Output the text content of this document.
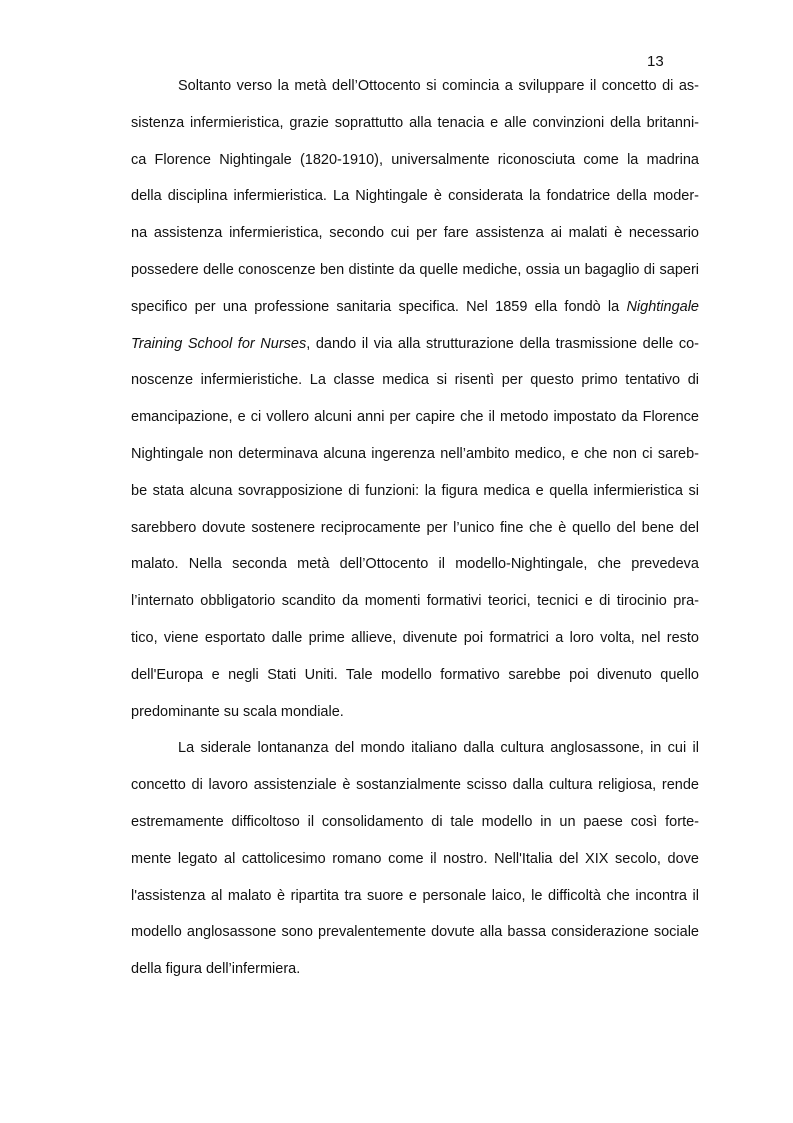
13
Soltanto verso la metà dell’Ottocento si comincia a sviluppare il concetto di as-
sistenza infermieristica, grazie soprattutto alla tenacia e alle convinzioni della britanni-
ca Florence Nightingale (1820-1910), universalmente riconosciuta come la madrina
della disciplina infermieristica. La Nightingale è considerata la fondatrice della moder-
na assistenza infermieristica, secondo cui per fare assistenza ai malati è necessario
possedere delle conoscenze ben distinte da quelle mediche, ossia un bagaglio di saperi
specifico per una professione sanitaria specifica. Nel 1859 ella fondò la Nightingale
Training School for Nurses, dando il via alla strutturazione della trasmissione delle co-
noscenze infermieristiche. La classe medica si risentì per questo primo tentativo di
emancipazione, e ci vollero alcuni anni per capire che il metodo impostato da Florence
Nightingale non determinava alcuna ingerenza nell’ambito medico, e che non ci sareb-
be stata alcuna sovrapposizione di funzioni: la figura medica e quella infermieristica si
sarebbero dovute sostenere reciprocamente per l’unico fine che è quello del bene del
malato. Nella seconda metà dell’Ottocento il modello-Nightingale, che prevedeva
l’internato obbligatorio scandito da momenti formativi teorici, tecnici e di tirocinio pra-
tico, viene esportato dalle prime allieve, divenute poi formatrici a loro volta, nel resto
dell'Europa e negli Stati Uniti. Tale modello formativo sarebbe poi divenuto quello
predominante su scala mondiale.
La siderale lontananza del mondo italiano dalla cultura anglosassone, in cui il
concetto di lavoro assistenziale è sostanzialmente scisso dalla cultura religiosa, rende
estremamente difficoltoso il consolidamento di tale modello in un paese così forte-
mente legato al cattolicesimo romano come il nostro. Nell'Italia del XIX secolo, dove
l'assistenza al malato è ripartita tra suore e personale laico, le difficoltà che incontra il
modello anglosassone sono prevalentemente dovute alla bassa considerazione sociale
della figura dell’infermiera.
